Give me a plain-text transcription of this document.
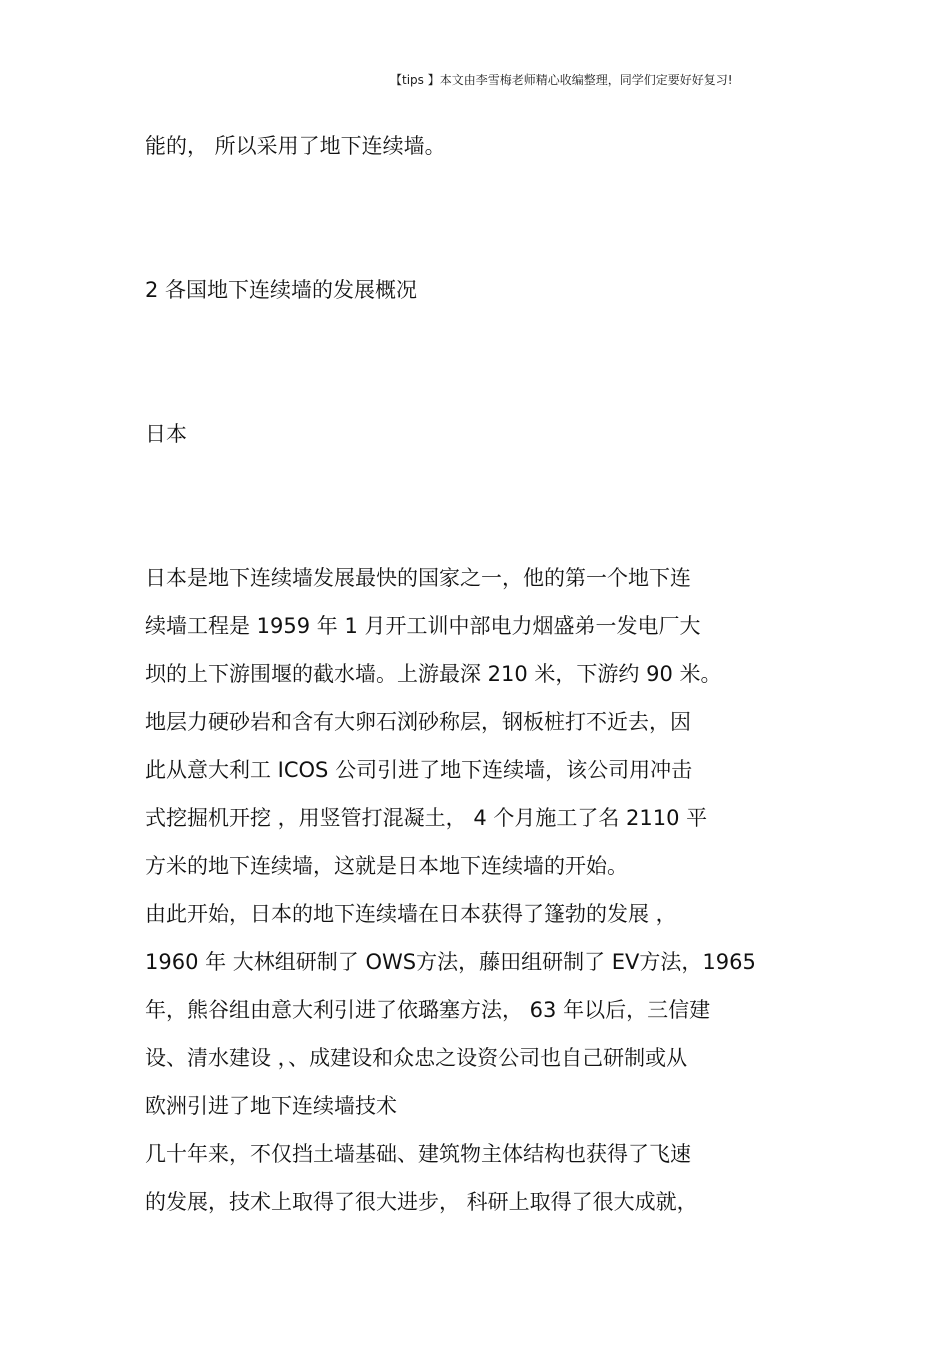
【tips 】本文由李雪梅老师精心收编整理，同学们定要好好复习!
能的， 所以采用了地下连续墙。
2 各国地下连续墙的发展概况
日本
日本是地下连续墙发展最快的国家之一，他的第一个地下连
续墙工程是 1959 年 1 月开工训中部电力烟盛弟一发电厂大
坝的上下游围堰的截水墙。上游最深 210 米，下游约 90 米。
地层力硬砂岩和含有大卵石浏砂称层，钢板桩打不近去，因
此从意大利工 ICOS 公司引进了地下连续墙，该公司用冲击
式挖掘机开挖 ，用竖管打混凝土， 4 个月施工了名 2110 平
方米的地下连续墙，这就是日本地下连续墙的开始。
由此开始，日本的地下连续墙在日本获得了篷勃的发展 ，
1960 年 大林组研制了 OWS方法，藤田组研制了 EV方法，1965
年，熊谷组由意大利引进了依璐塞方法， 63 年以后，三信建
设、清水建设 ，、成建设和众忠之设资公司也自己研制或从
欧洲引进了地下连续墙技术
几十年来，不仅挡土墙基础、建筑物主体结构也获得了飞速
的发展，技术上取得了很大进步， 科研上取得了很大成就，
